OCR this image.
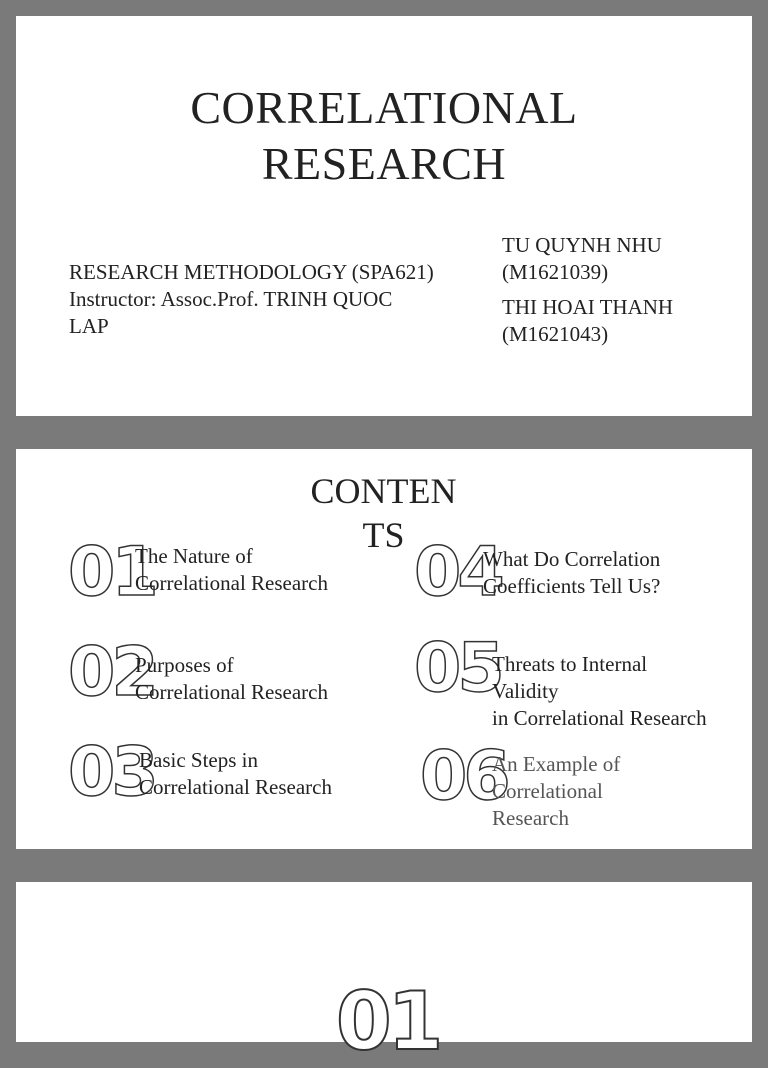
CORRELATIONAL
RESEARCH
RESEARCH METHODOLOGY (SPA621)
Instructor: Assoc.Prof. TRINH QUOC
LAP
TU QUYNH NHU
(M1621039)
THI HOAI THANH
(M1621043)
CONTEN
TS
01
The Nature of
Correlational Research
02
Purposes of
Correlational Research
03
Basic Steps in
Correlational Research
04
What Do Correlation
Coefficients Tell Us?
05
Threats to Internal
Validity
in Correlational Research
06
An Example of
Correlational
Research
01
